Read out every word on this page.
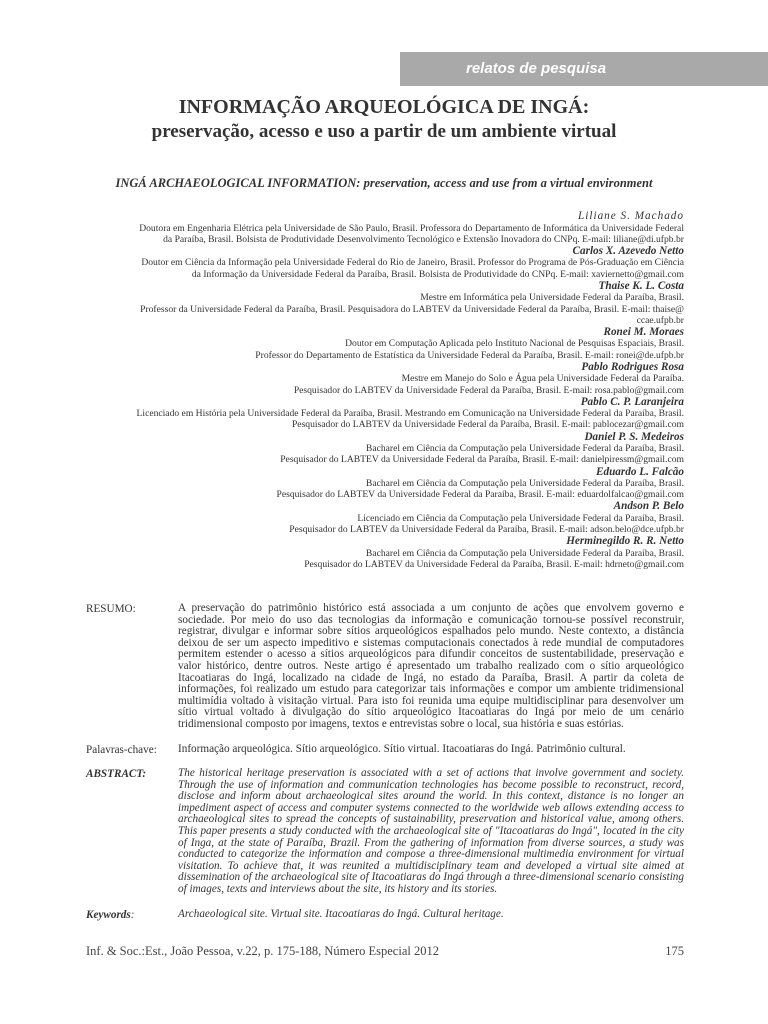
relatos de pesquisa
INFORMAÇÃO ARQUEOLÓGICA DE INGÁ:
preservação, acesso e uso a partir de um ambiente virtual
INGÁ ARCHAEOLOGICAL INFORMATION: preservation, access and use from a virtual environment
Liliane S. Machado
Doutora em Engenharia Elétrica pela Universidade de São Paulo, Brasil. Professora do Departamento de Informática da Universidade Federal
da Paraíba, Brasil. Bolsista de Produtividade Desenvolvimento Tecnológico e Extensão Inovadora do CNPq. E-mail: liliane@di.ufpb.br
Carlos X. Azevedo Netto
Doutor em Ciência da Informação pela Universidade Federal do Rio de Janeiro, Brasil. Professor do Programa de Pós-Graduação em Ciência
da Informação da Universidade Federal da Paraíba, Brasil. Bolsista de Produtividade do CNPq. E-mail: xaviernetto@gmail.com
Thaise K. L. Costa
Mestre em Informática pela Universidade Federal da Paraíba, Brasil.
Professor da Universidade Federal da Paraíba, Brasil. Pesquisadora do LABTEV da Universidade Federal da Paraíba, Brasil. E-mail: thaise@
ccae.ufpb.br
Ronei M. Moraes
Doutor em Computação Aplicada pelo Instituto Nacional de Pesquisas Espaciais, Brasil.
Professor do Departamento de Estatística da Universidade Federal da Paraíba, Brasil. E-mail: ronei@de.ufpb.br
Pablo Rodrigues Rosa
Mestre em Manejo do Solo e Água pela Universidade Federal da Paraíba.
Pesquisador do LABTEV da Universidade Federal da Paraíba, Brasil. E-mail: rosa.pablo@gmail.com
Pablo C. P. Laranjeira
Licenciado em História pela Universidade Federal da Paraíba, Brasil. Mestrando em Comunicação na Universidade Federal da Paraíba, Brasil.
Pesquisador do LABTEV da Universidade Federal da Paraíba, Brasil. E-mail: pablocezar@gmail.com
Daniel P. S. Medeiros
Bacharel em Ciência da Computação pela Universidade Federal da Paraíba, Brasil.
Pesquisador do LABTEV da Universidade Federal da Paraíba, Brasil. E-mail: danielpiressm@gmail.com
Eduardo L. Falcão
Bacharel em Ciência da Computação pela Universidade Federal da Paraíba, Brasil.
Pesquisador do LABTEV da Universidade Federal da Paraíba, Brasil. E-mail: eduardolfalcao@gmail.com
Andson P. Belo
Licenciado em Ciência da Computação pela Universidade Federal da Paraíba, Brasil.
Pesquisador do LABTEV da Universidade Federal da Paraíba, Brasil. E-mail: adson.belo@dce.ufpb.br
Herminegildo R. R. Netto
Bacharel em Ciência da Computação pela Universidade Federal da Paraíba, Brasil.
Pesquisador do LABTEV da Universidade Federal da Paraíba, Brasil. E-mail: hdrneto@gmail.com
RESUMO:	A preservação do patrimônio histórico está associada a um conjunto de ações que envolvem governo e sociedade. Por meio do uso das tecnologias da informação e comunicação tornou-se possível reconstruir, registrar, divulgar e informar sobre sítios arqueológicos espalhados pelo mundo. Neste contexto, a distância deixou de ser um aspecto impeditivo e sistemas computacionais conectados à rede mundial de computadores permitem estender o acesso a sítios arqueológicos para difundir conceitos de sustentabilidade, preservação e valor histórico, dentre outros. Neste artigo é apresentado um trabalho realizado com o sítio arqueológico Itacoatiaras do Ingá, localizado na cidade de Ingá, no estado da Paraíba, Brasil. A partir da coleta de informações, foi realizado um estudo para categorizar tais informações e compor um ambiente tridimensional multimídia voltado à visitação virtual. Para isto foi reunida uma equipe multidisciplinar para desenvolver um sítio virtual voltado à divulgação do sítio arqueológico Itacoatiaras do Ingá por meio de um cenário tridimensional composto por imagens, textos e entrevistas sobre o local, sua história e suas estórias.
Palavras-chave: Informação arqueológica. Sítio arqueológico. Sítio virtual. Itacoatiaras do Ingá. Patrimônio cultural.
ABSTRACT:	The historical heritage preservation is associated with a set of actions that involve government and society. Through the use of information and communication technologies has become possible to reconstruct, record, disclose and inform about archaeological sites around the world. In this context, distance is no longer an impediment aspect of access and computer systems connected to the worldwide web allows extending access to archaeological sites to spread the concepts of sustainability, preservation and historical value, among others. This paper presents a study conducted with the archaeological site of "Itacoatiaras do Ingá", located in the city of Inga, at the state of Paraíba, Brazil. From the gathering of information from diverse sources, a study was conducted to categorize the information and compose a three-dimensional multimedia environment for virtual visitation. To achieve that, it was reunited a multidisciplinary team and developed a virtual site aimed at dissemination of the archaeological site of Itacoatiaras do Ingá through a three-dimensional scenario consisting of images, texts and interviews about the site, its history and its stories.
Keywords:	Archaeological site. Virtual site. Itacoatiaras do Ingá. Cultural heritage.
Inf. & Soc.:Est., João Pessoa, v.22, p. 175-188, Número Especial 2012	175
